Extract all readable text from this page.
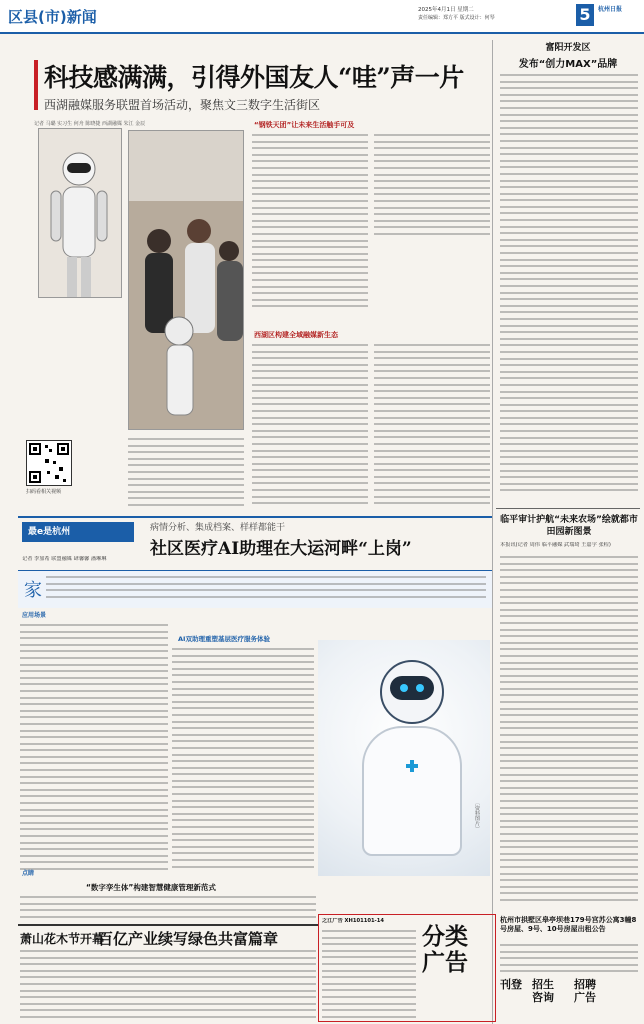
区县(市)新闻	2025年4月1日 星期二
责任编辑：郑方平 版式设计：何琴	5	杭州日报
科技感满满，引得外国友人“哇”声一片
西湖融媒服务联盟首场活动，聚焦文三数字生活街区
记者 马璐 实习生 何舟 陈晓捷 西湖融媒 朱江 金辰
扫码看相关视频
“钢铁天团”让未来生活触手可及
西湖区构建全域融媒新生态
富阳开发区
发布“创力MAX”品牌
临平审计护航“未来农场”绘就都市田园新图景
本报讯(记者 周伟 临平融媒 武瑞琦 王嘉宇 张程)
最e是杭州	病情分析、集成档案、样样都能干
社区医疗AI助理在大运河畔“上岗”
记者 李加希 联盟融媒 肆馨馨 潘琳琳
家
应用场景
AI双助理重塑基层医疗服务体验
〔资料图片〕
点睛
“数字孪生体”构建智慧健康管理新范式
萧山花木节开幕
百亿产业续写绿色共富篇章
之江广告 XH101101-14
分类
广告
杭州市拱墅区皋亭坝巷179号宫苏公寓3幢8号房屋、9号、10号房屋出租公告
刊登 招生
咨询
招聘
广告
